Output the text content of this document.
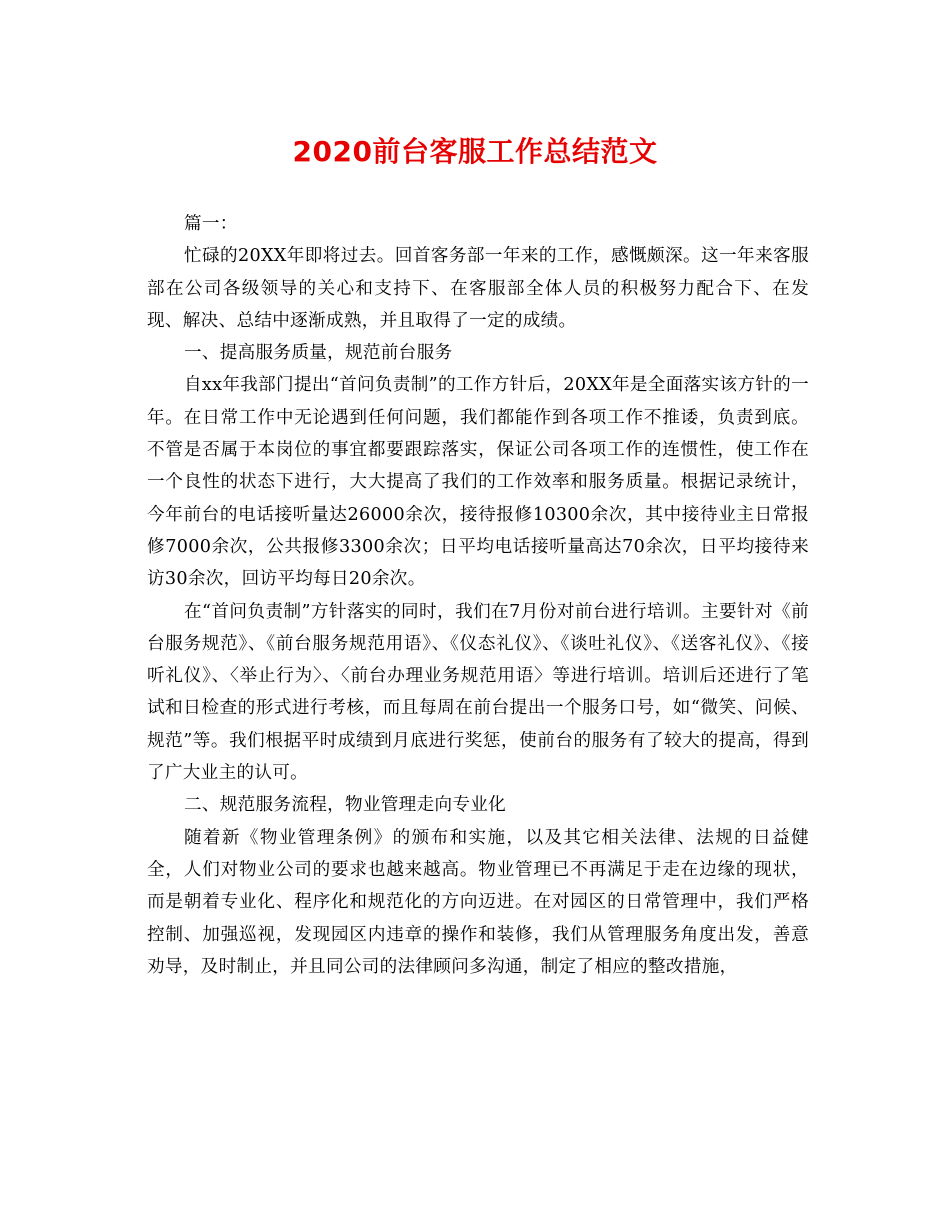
2020前台客服工作总结范文

篇一：

忙碌的20XX年即将过去。回首客务部一年来的工作，感慨颇深。这一年来客服部在公司各级领导的关心和支持下、在客服部全体人员的积极努力配合下、在发现、解决、总结中逐渐成熟，并且取得了一定的成绩。

一、提高服务质量，规范前台服务

自xx年我部门提出“首问负责制”的工作方针后，20XX年是全面落实该方针的一年。在日常工作中无论遇到任何问题，我们都能作到各项工作不推诿，负责到底。不管是否属于本岗位的事宜都要跟踪落实，保证公司各项工作的连惯性，使工作在一个良性的状态下进行，大大提高了我们的工作效率和服务质量。根据记录统计，今年前台的电话接听量达26000余次，接待报修10300余次，其中接待业主日常报修7000余次，公共报修3300余次；日平均电话接听量高达70余次，日平均接待来访30余次，回访平均每日20余次。

在“首问负责制”方针落实的同时，我们在7月份对前台进行培训。主要针对《前台服务规范》、《前台服务规范用语》、《仪态礼仪》、《谈吐礼仪》、《送客礼仪》、《接听礼仪》、〈举止行为〉、〈前台办理业务规范用语〉等进行培训。培训后还进行了笔试和日检查的形式进行考核，而且每周在前台提出一个服务口号，如“微笑、问候、规范”等。我们根据平时成绩到月底进行奖惩，使前台的服务有了较大的提高，得到了广大业主的认可。

二、规范服务流程，物业管理走向专业化

随着新《物业管理条例》的颁布和实施，以及其它相关法律、法规的日益健全，人们对物业公司的要求也越来越高。物业管理已不再满足于走在边缘的现状，而是朝着专业化、程序化和规范化的方向迈进。在对园区的日常管理中，我们严格控制、加强巡视，发现园区内违章的操作和装修，我们从管理服务角度出发，善意劝导，及时制止，并且同公司的法律顾问多沟通，制定了相应的整改措施，
